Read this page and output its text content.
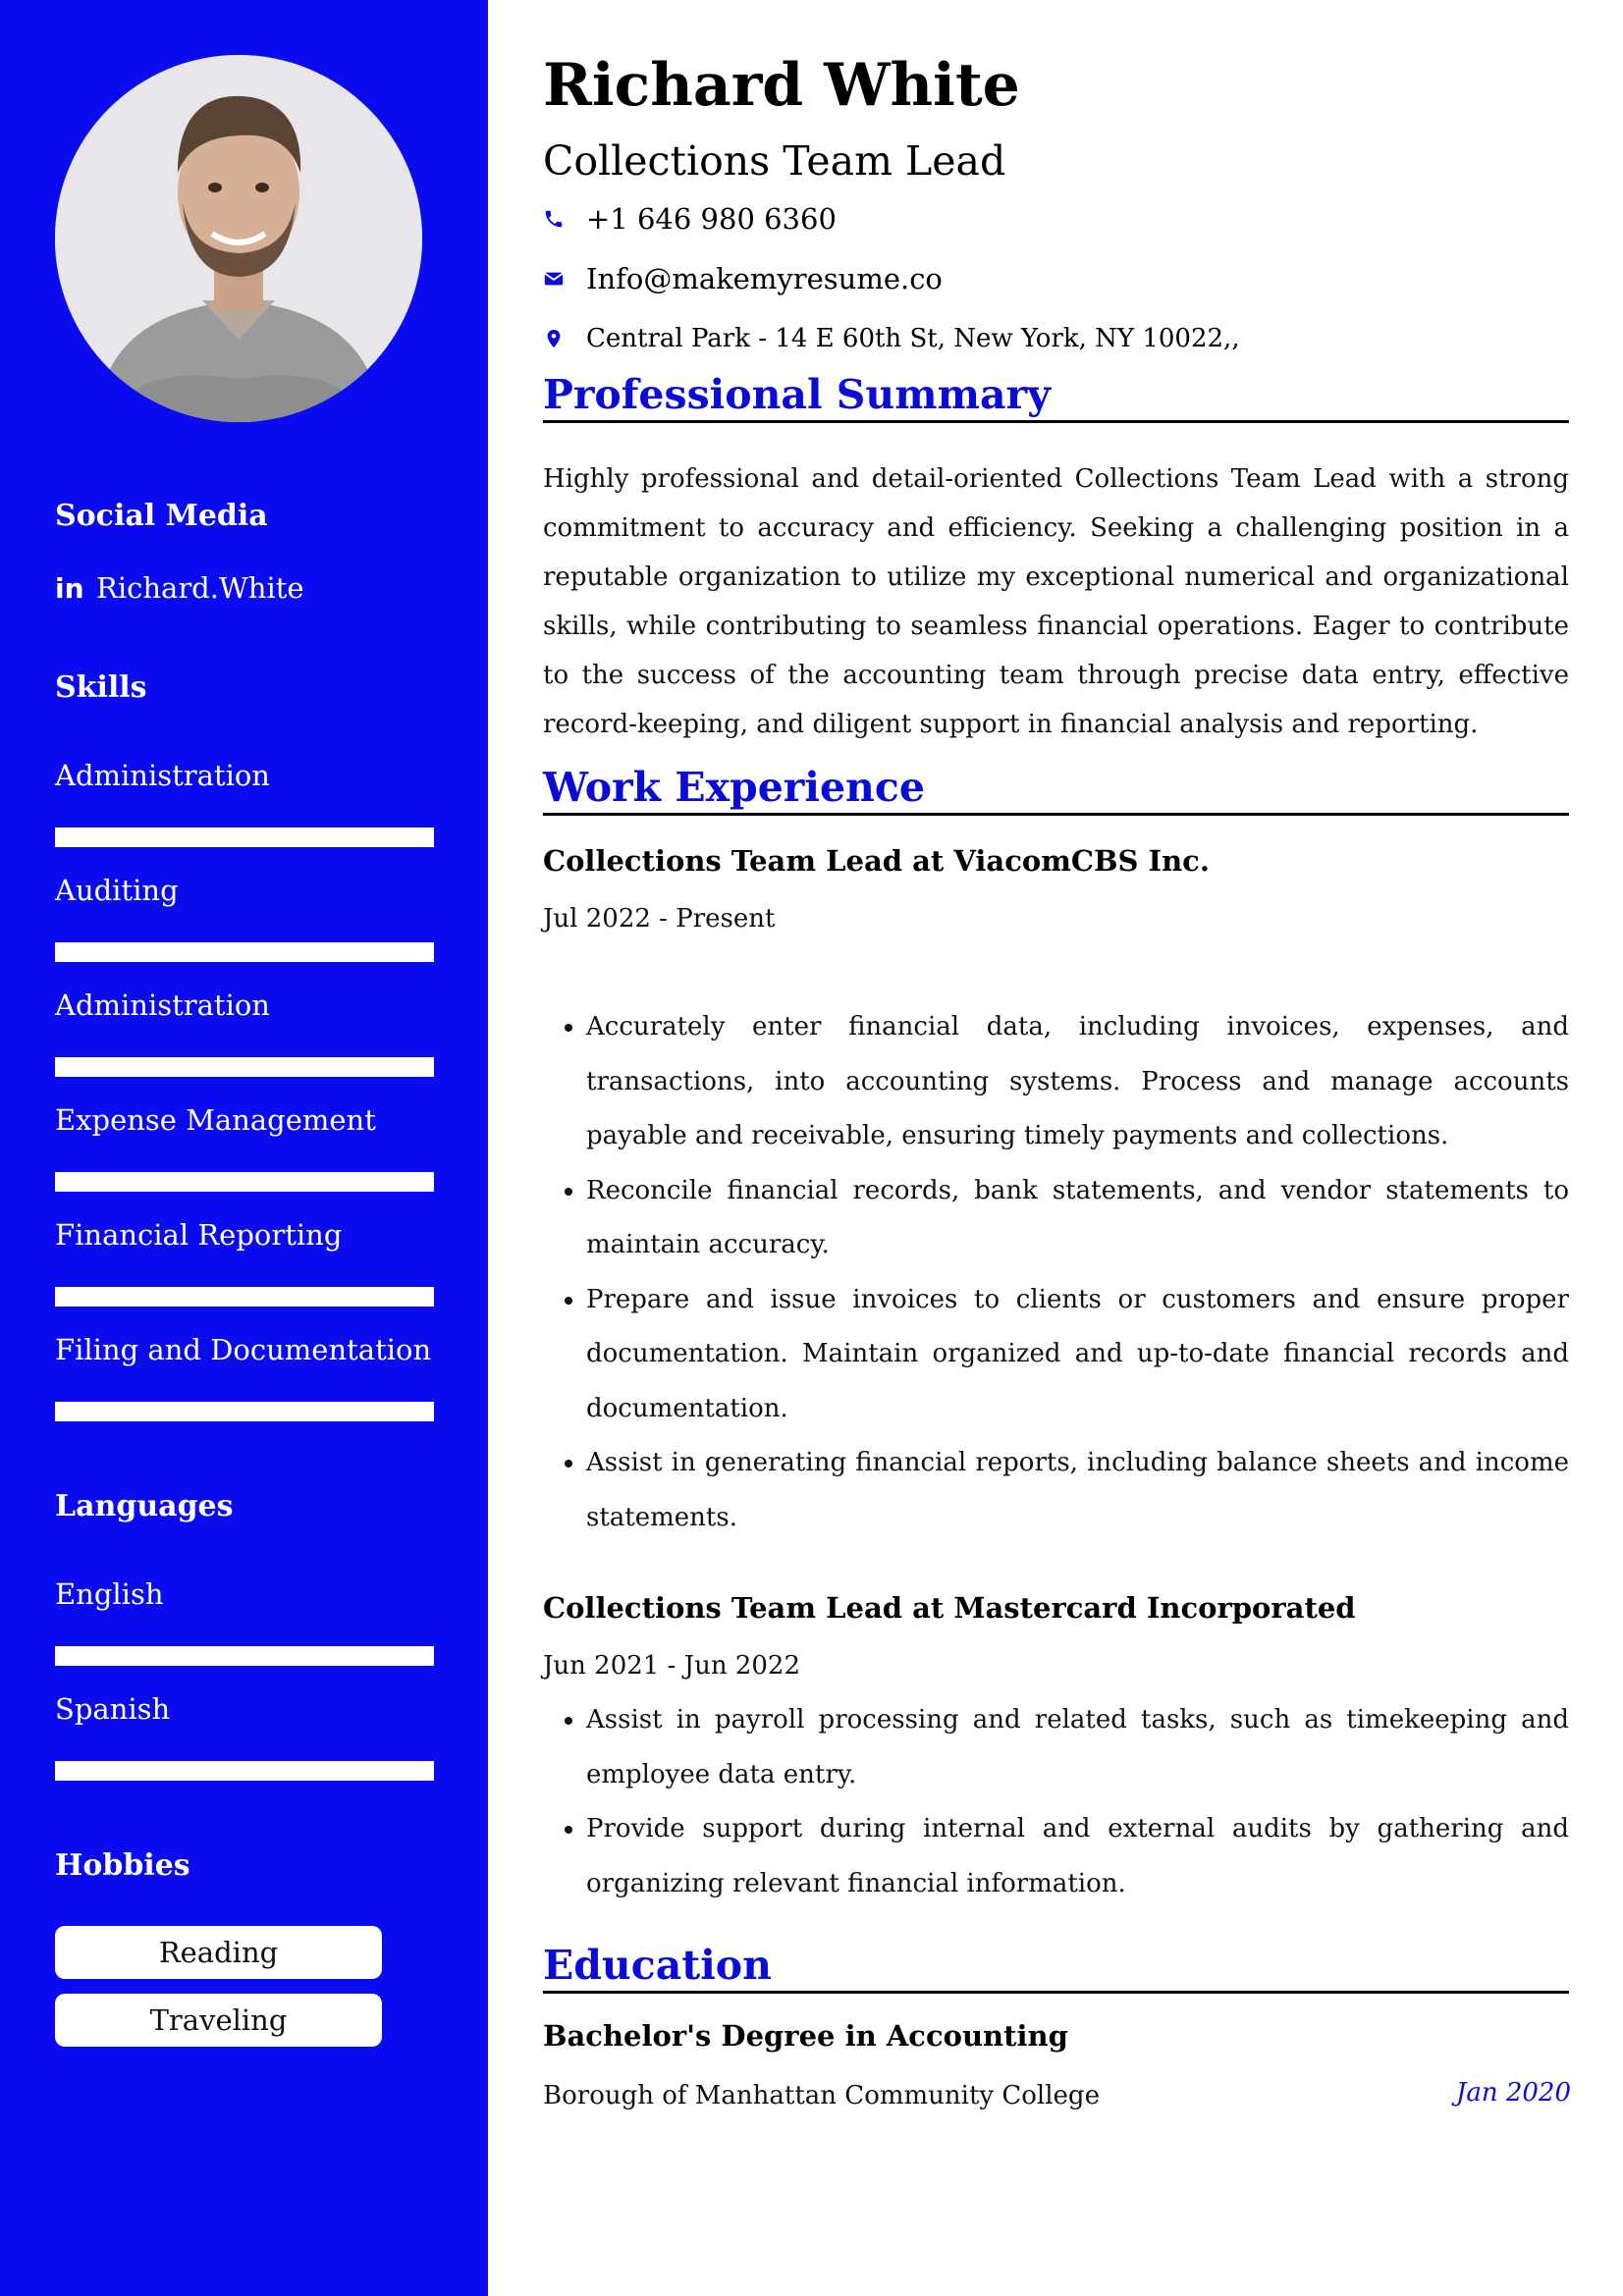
Social Media
in Richard.White
Skills
Administration
Auditing
Administration
Expense Management
Financial Reporting
Filing and Documentation
Languages
English
Spanish
Hobbies
Reading
Traveling
Richard White
Collections Team Lead
+1 646 980 6360
Info@makemyresume.co
Central Park - 14 E 60th St, New York, NY 10022,,
Professional Summary
Highly professional and detail-oriented Collections Team Lead with a strong commitment to accuracy and efficiency. Seeking a challenging position in a reputable organization to utilize my exceptional numerical and organizational skills, while contributing to seamless financial operations. Eager to contribute to the success of the accounting team through precise data entry, effective record-keeping, and diligent support in financial analysis and reporting.
Work Experience
Collections Team Lead at ViacomCBS Inc.
Jul 2022 - Present
• Accurately enter financial data, including invoices, expenses, and transactions, into accounting systems. Process and manage accounts payable and receivable, ensuring timely payments and collections.
• Reconcile financial records, bank statements, and vendor statements to maintain accuracy.
• Prepare and issue invoices to clients or customers and ensure proper documentation. Maintain organized and up-to-date financial records and documentation.
• Assist in generating financial reports, including balance sheets and income statements.
Collections Team Lead at Mastercard Incorporated
Jun 2021 - Jun 2022
• Assist in payroll processing and related tasks, such as timekeeping and employee data entry.
• Provide support during internal and external audits by gathering and organizing relevant financial information.
Education
Bachelor's Degree in Accounting
Borough of Manhattan Community College	Jan 2020
